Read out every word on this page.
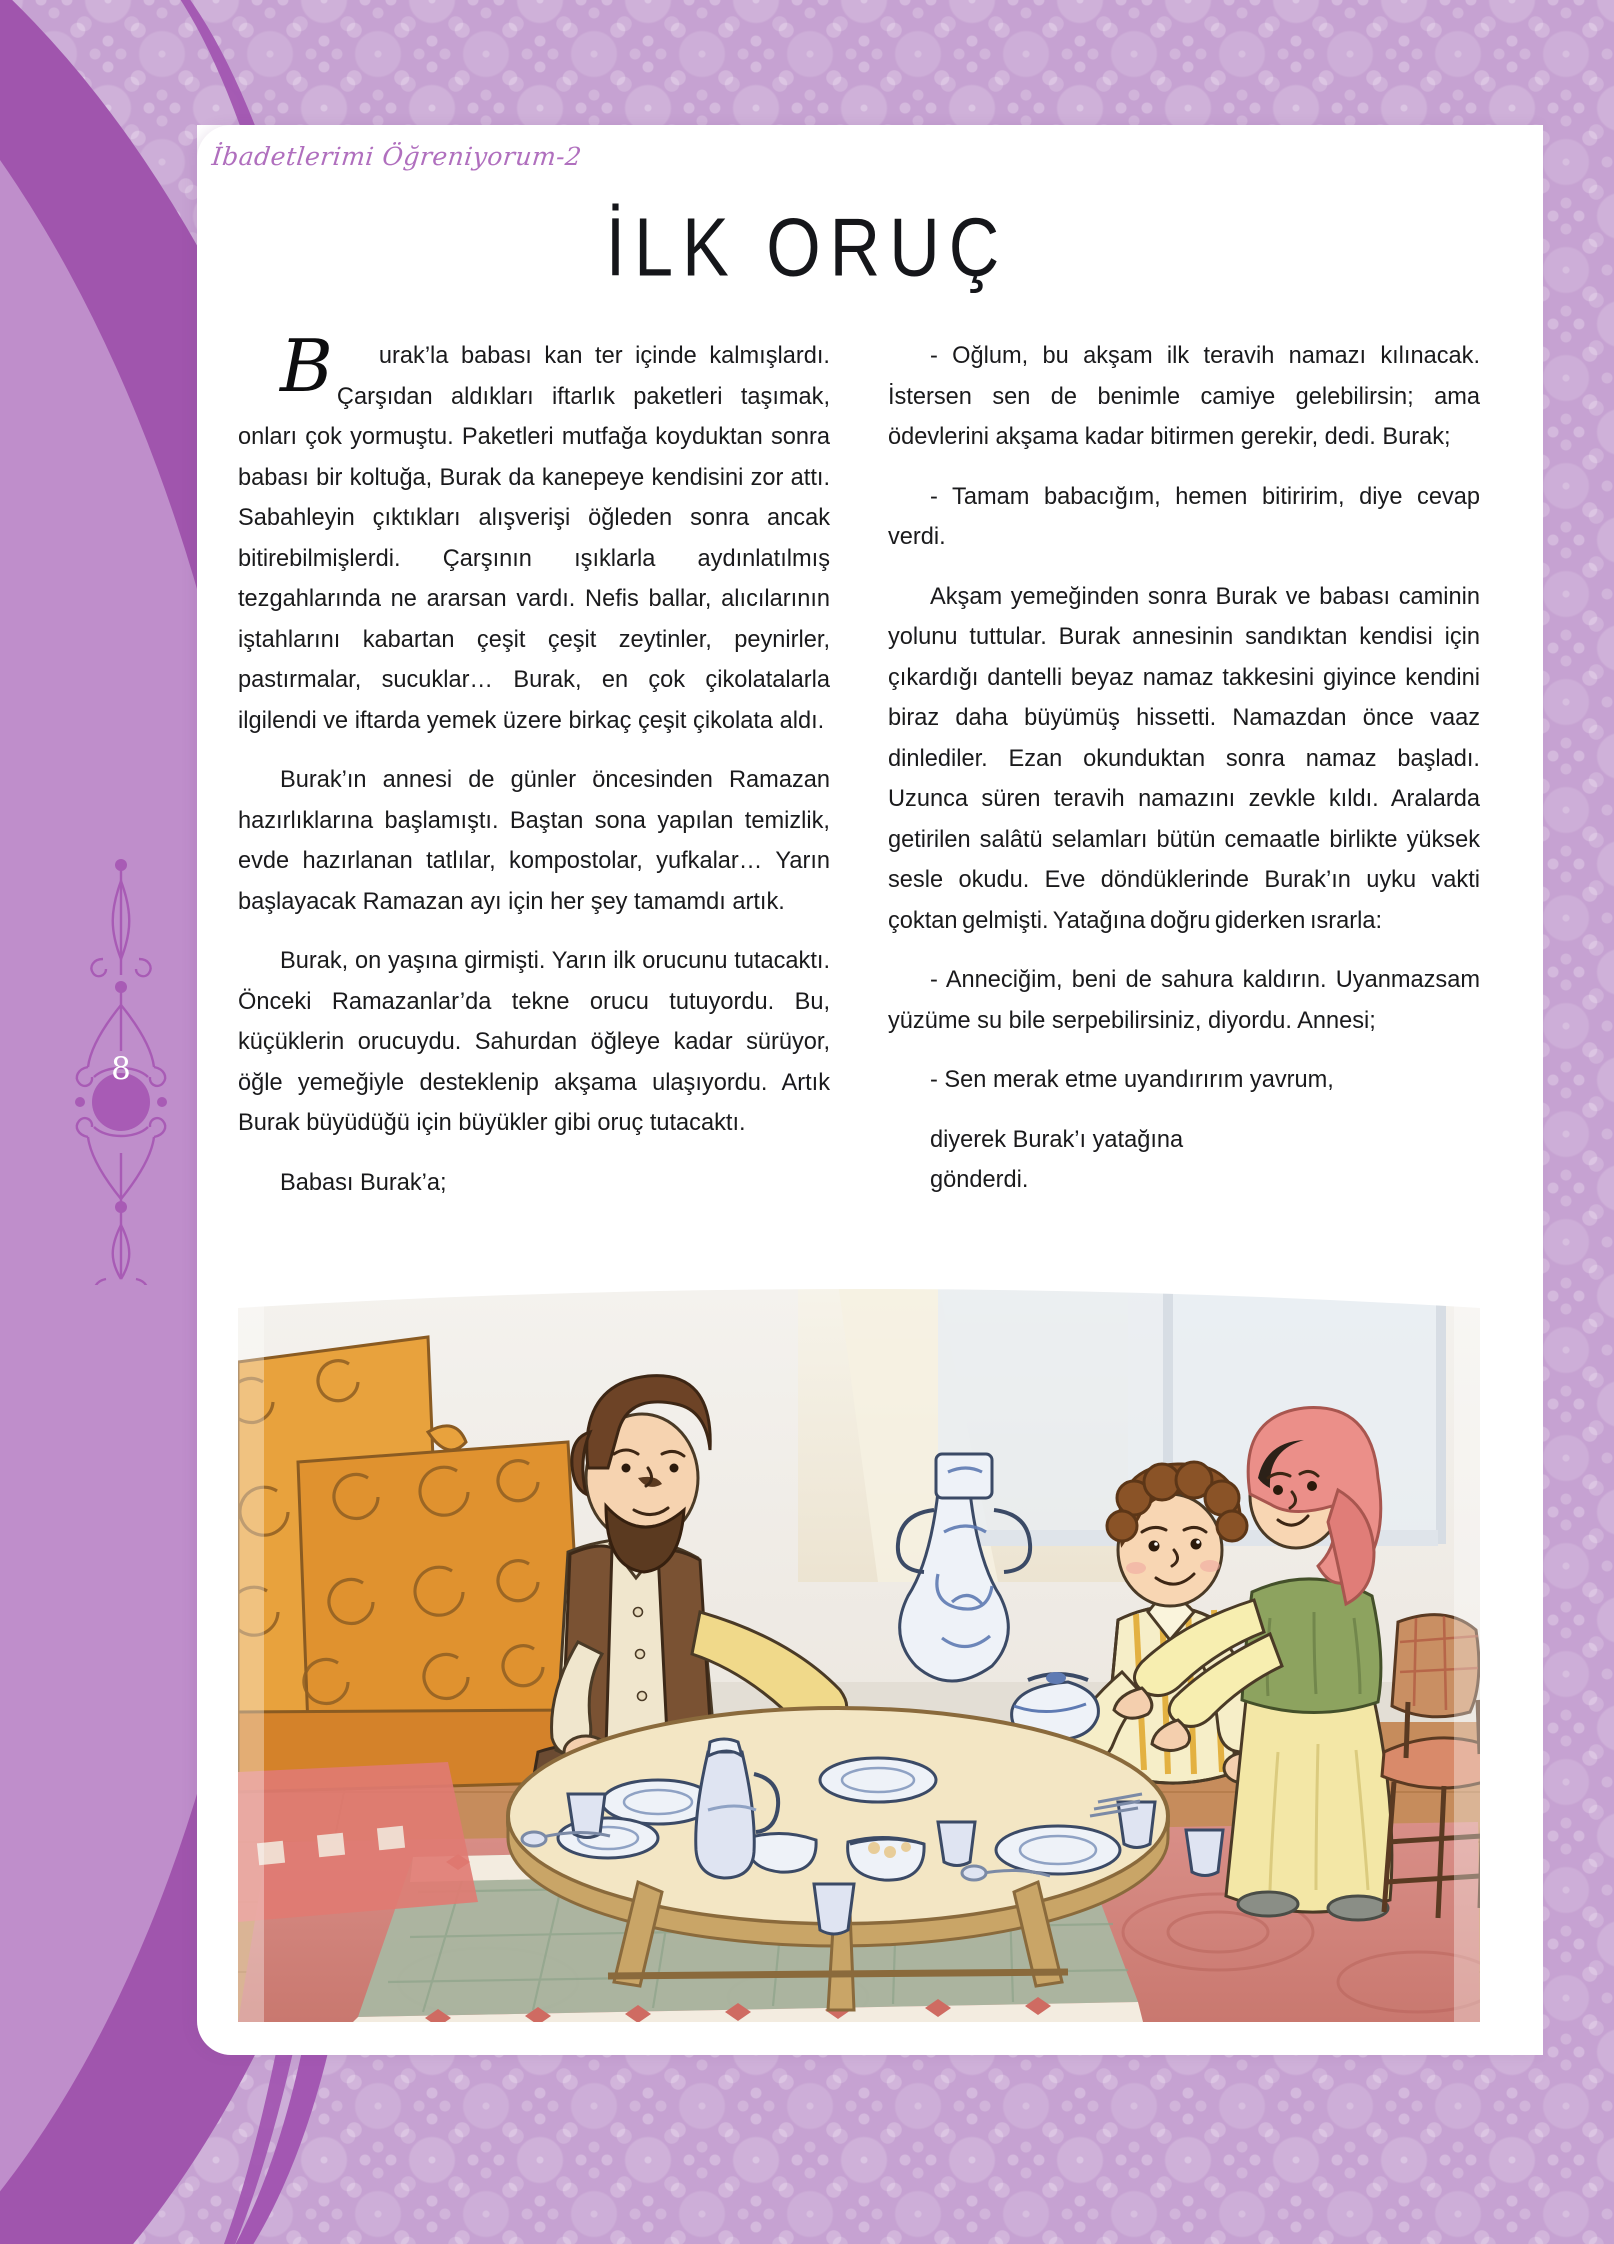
8
İbadetlerimi Öğreniyorum-2
İLK ORUÇ

B urak’la babası kan ter içinde kalmışlardı. Çarşıdan aldıkları iftarlık paketleri taşımak, onları çok yormuştu. Paketleri mutfağa koyduktan sonra babası bir koltuğa, Burak da kanepeye kendisini zor attı. Sabahleyin çıktıkları alışverişi öğleden sonra ancak bitirebilmişlerdi. Çarşının ışıklarla aydınlatılmış tezgahlarında ne ararsan vardı. Nefis ballar, alıcılarının iştahlarını kabartan çeşit çeşit zeytinler, peynirler, pastırmalar, sucuklar… Burak, en çok çikolatalarla ilgilendi ve iftarda yemek üzere birkaç çeşit çikolata aldı.

Burak’ın annesi de günler öncesinden Ramazan hazırlıklarına başlamıştı. Baştan sona yapılan temizlik, evde hazırlanan tatlılar, kompostolar, yufkalar… Yarın başlayacak Ramazan ayı için her şey tamamdı artık.

Burak, on yaşına girmişti. Yarın ilk orucunu tutacaktı. Önceki Ramazanlar’da tekne orucu tutuyordu. Bu, küçüklerin orucuydu. Sahurdan öğleye kadar sürüyor, öğle yemeğiyle desteklenip akşama ulaşıyordu. Artık Burak büyüdüğü için büyükler gibi oruç tutacaktı.

Babası Burak’a;

- Oğlum, bu akşam ilk teravih namazı kılınacak. İstersen sen de benimle camiye gelebilirsin; ama ödevlerini akşama kadar bitirmen gerekir, dedi. Burak;

- Tamam babacığım, hemen bitiririm, diye cevap verdi.

Akşam yemeğinden sonra Burak ve babası caminin yolunu tuttular. Burak annesinin sandıktan kendisi için çıkardığı dantelli beyaz namaz takkesini giyince kendini biraz daha büyümüş hissetti. Namazdan önce vaaz dinlediler. Ezan okunduktan sonra namaz başladı. Uzunca süren teravih namazını zevkle kıldı. Aralarda getirilen salâtü selamları bütün cemaatle birlikte yüksek sesle okudu. Eve döndüklerinde Burak’ın uyku vakti çoktan gelmişti. Yatağına doğru giderken ısrarla:

- Anneciğim, beni de sahura kaldırın. Uyanmazsam yüzüme su bile serpebilirsiniz, diyordu. Annesi;

- Sen merak etme uyandırırım yavrum,

diyerek Burak’ı yatağına

gönderdi.
